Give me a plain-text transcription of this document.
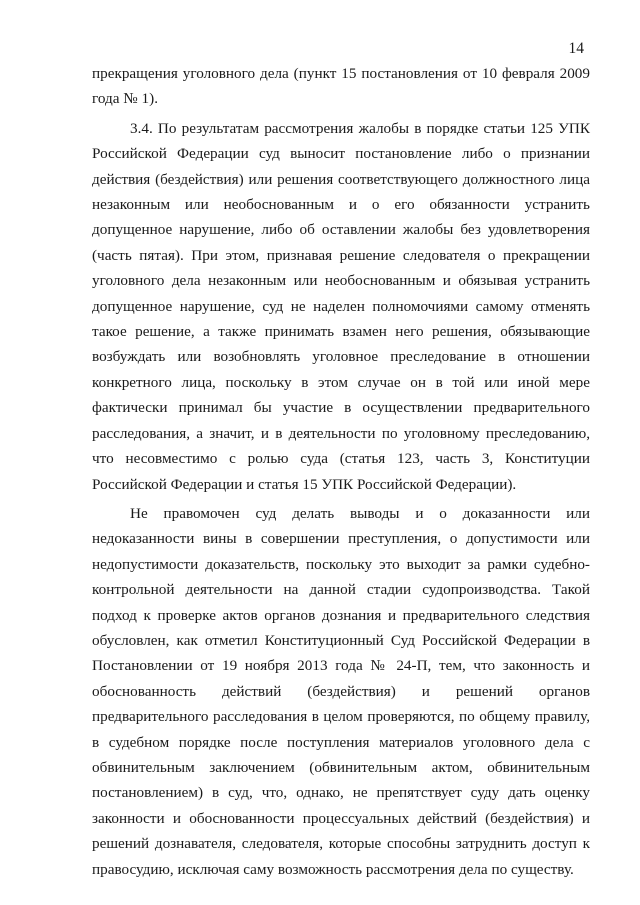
14

прекращения уголовного дела (пункт 15 постановления от 10 февраля 2009 года № 1).

3.4. По результатам рассмотрения жалобы в порядке статьи 125 УПК Российской Федерации суд выносит постановление либо о признании действия (бездействия) или решения соответствующего должностного лица незаконным или необоснованным и о его обязанности устранить допущенное нарушение, либо об оставлении жалобы без удовлетворения (часть пятая). При этом, признавая решение следователя о прекращении уголовного дела незаконным или необоснованным и обязывая устранить допущенное нарушение, суд не наделен полномочиями самому отменять такое решение, а также принимать взамен него решения, обязывающие возбуждать или возобновлять уголовное преследование в отношении конкретного лица, поскольку в этом случае он в той или иной мере фактически принимал бы участие в осуществлении предварительного расследования, а значит, и в деятельности по уголовному преследованию, что несовместимо с ролью суда (статья 123, часть 3, Конституции Российской Федерации и статья 15 УПК Российской Федерации).

Не правомочен суд делать выводы и о доказанности или недоказанности вины в совершении преступления, о допустимости или недопустимости доказательств, поскольку это выходит за рамки судебно-контрольной деятельности на данной стадии судопроизводства. Такой подход к проверке актов органов дознания и предварительного следствия обусловлен, как отметил Конституционный Суд Российской Федерации в Постановлении от 19 ноября 2013 года № 24-П, тем, что законность и обоснованность действий (бездействия) и решений органов предварительного расследования в целом проверяются, по общему правилу, в судебном порядке после поступления материалов уголовного дела с обвинительным заключением (обвинительным актом, обвинительным постановлением) в суд, что, однако, не препятствует суду дать оценку законности и обоснованности процессуальных действий (бездействия) и решений дознавателя, следователя, которые способны затруднить доступ к правосудию, исключая саму возможность рассмотрения дела по существу.
